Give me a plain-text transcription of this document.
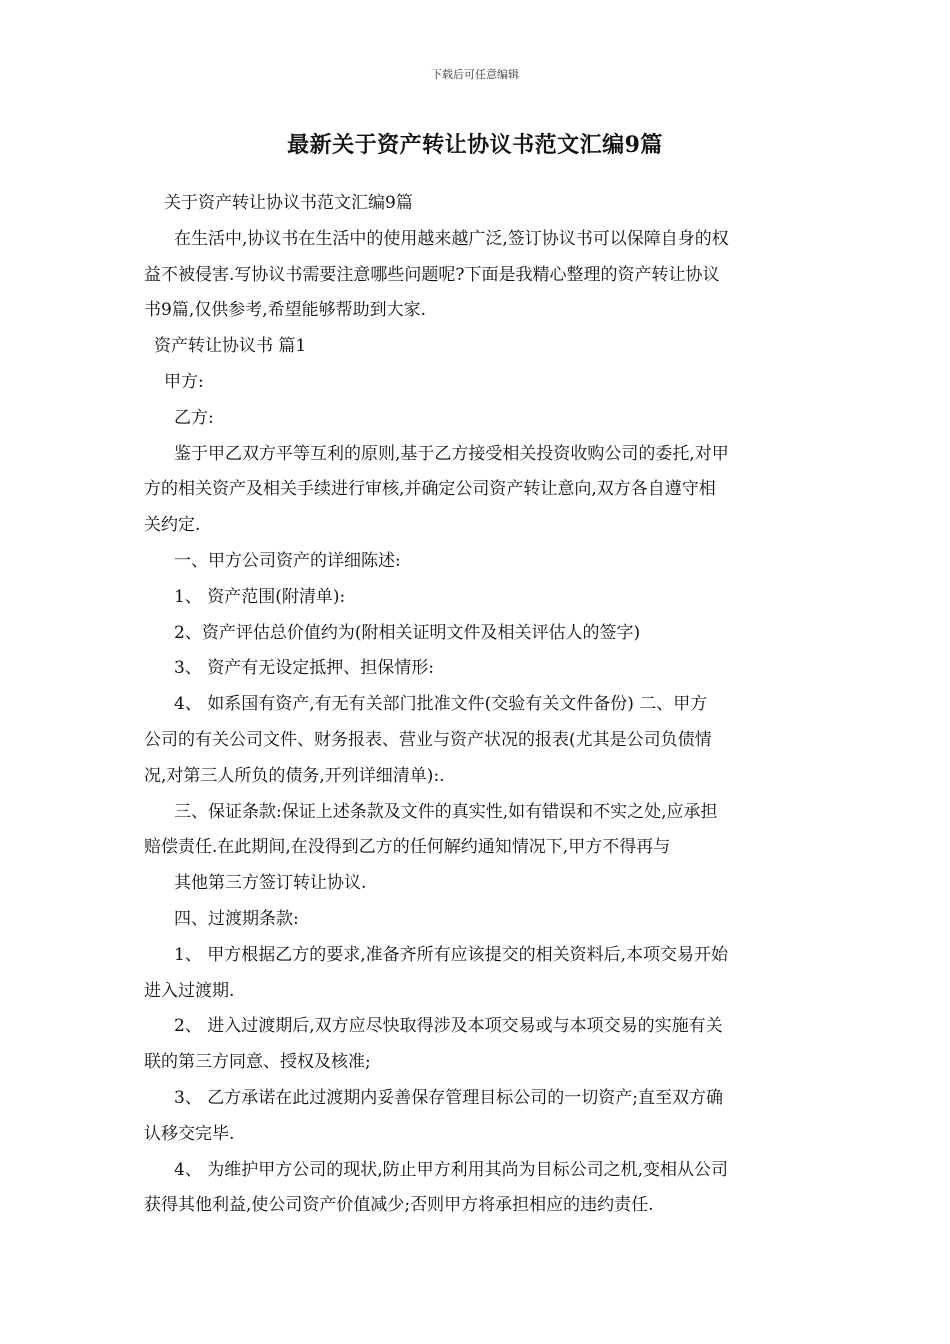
下载后可任意编辑
最新关于资产转让协议书范文汇编9篇
关于资产转让协议书范文汇编9篇
在生活中,协议书在生活中的使用越来越广泛,签订协议书可以保障自身的权
益不被侵害.写协议书需要注意哪些问题呢?下面是我精心整理的资产转让协议
书9篇,仅供参考,希望能够帮助到大家.
资产转让协议书 篇1
甲方:
乙方:
鉴于甲乙双方平等互利的原则,基于乙方接受相关投资收购公司的委托,对甲
方的相关资产及相关手续进行审核,并确定公司资产转让意向,双方各自遵守相
关约定.
一、甲方公司资产的详细陈述:
1、 资产范围(附清单):
2、资产评估总价值约为(附相关证明文件及相关评估人的签字)
3、 资产有无设定抵押、担保情形:
4、 如系国有资产,有无有关部门批准文件(交验有关文件备份) 二、甲方
公司的有关公司文件、财务报表、营业与资产状况的报表(尤其是公司负债情
况,对第三人所负的债务,开列详细清单):.
三、保证条款:保证上述条款及文件的真实性,如有错误和不实之处,应承担
赔偿责任.在此期间,在没得到乙方的任何解约通知情况下,甲方不得再与
其他第三方签订转让协议.
四、过渡期条款:
1、 甲方根据乙方的要求,准备齐所有应该提交的相关资料后,本项交易开始
进入过渡期.
2、 进入过渡期后,双方应尽快取得涉及本项交易或与本项交易的实施有关
联的第三方同意、授权及核准;
3、 乙方承诺在此过渡期内妥善保存管理目标公司的一切资产;直至双方确
认移交完毕.
4、 为维护甲方公司的现状,防止甲方利用其尚为目标公司之机,变相从公司
获得其他利益,使公司资产价值减少;否则甲方将承担相应的违约责任.
